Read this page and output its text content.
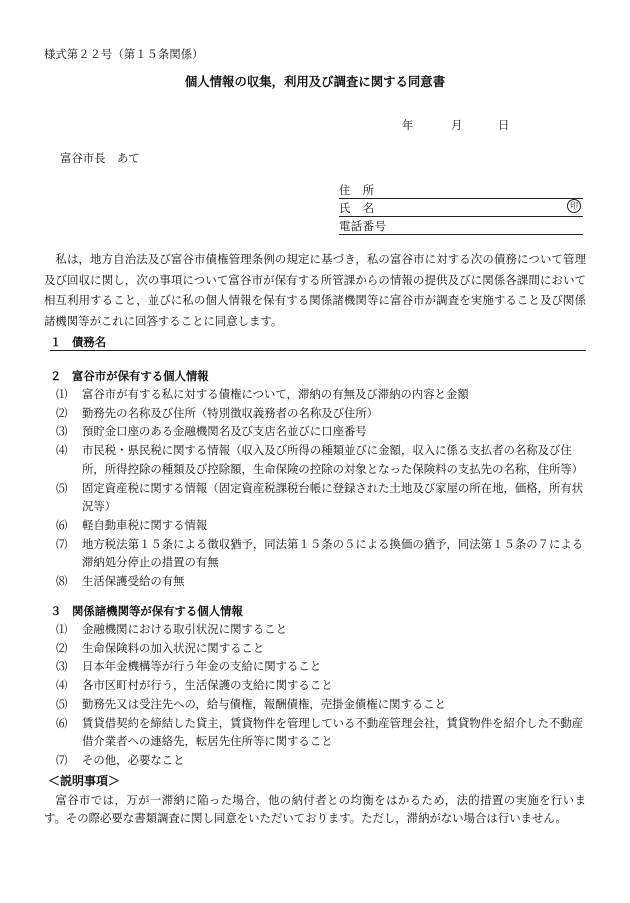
様式第２２号（第１５条関係）
個人情報の収集，利用及び調査に関する同意書
年	月	日
富谷市長　あて
住　所
氏　名	印
電話番号
私は，地方自治法及び富谷市債権管理条例の規定に基づき，私の富谷市に対する次の債務について管理及び回収に関し，次の事項について富谷市が保有する所管課からの情報の提供及びに関係各課間において相互利用すること，並びに私の個人情報を保有する関係諸機関等に富谷市が調査を実施すること及び関係諸機関等がこれに回答することに同意します。
１ 債務名
２ 富谷市が保有する個人情報
⑴ 富谷市が有する私に対する債権について，滞納の有無及び滞納の内容と金額
⑵ 勤務先の名称及び住所（特別徴収義務者の名称及び住所）
⑶ 預貯金口座のある金融機関名及び支店名並びに口座番号
⑷ 市民税・県民税に関する情報（収入及び所得の種類並びに金額，収入に係る支払者の名称及び住所，所得控除の種類及び控除額，生命保険の控除の対象となった保険料の支払先の名称，住所等）
⑸ 固定資産税に関する情報（固定資産税課税台帳に登録された土地及び家屋の所在地，価格，所有状況等）
⑹ 軽自動車税に関する情報
⑺ 地方税法第１５条による徴収猶予，同法第１５条の５による換価の猶予，同法第１５条の７による滞納処分停止の措置の有無
⑻ 生活保護受給の有無
３ 関係諸機関等が保有する個人情報
⑴ 金融機関における取引状況に関すること
⑵ 生命保険料の加入状況に関すること
⑶ 日本年金機構等が行う年金の支給に関すること
⑷ 各市区町村が行う，生活保護の支給に関すること
⑸ 勤務先又は受注先への，給与債権，報酬債権，売掛金債権に関すること
⑹ 賃貸借契約を締結した貸主，賃貸物件を管理している不動産管理会社，賃貸物件を紹介した不動産借介業者への連絡先，転居先住所等に関すること
⑺ その他，必要なこと
＜説明事項＞
富谷市では，万が一滞納に陥った場合，他の納付者との均衡をはかるため，法的措置の実施を行います。その際必要な書類調査に関し同意をいただいております。ただし，滞納がない場合は行いません。
